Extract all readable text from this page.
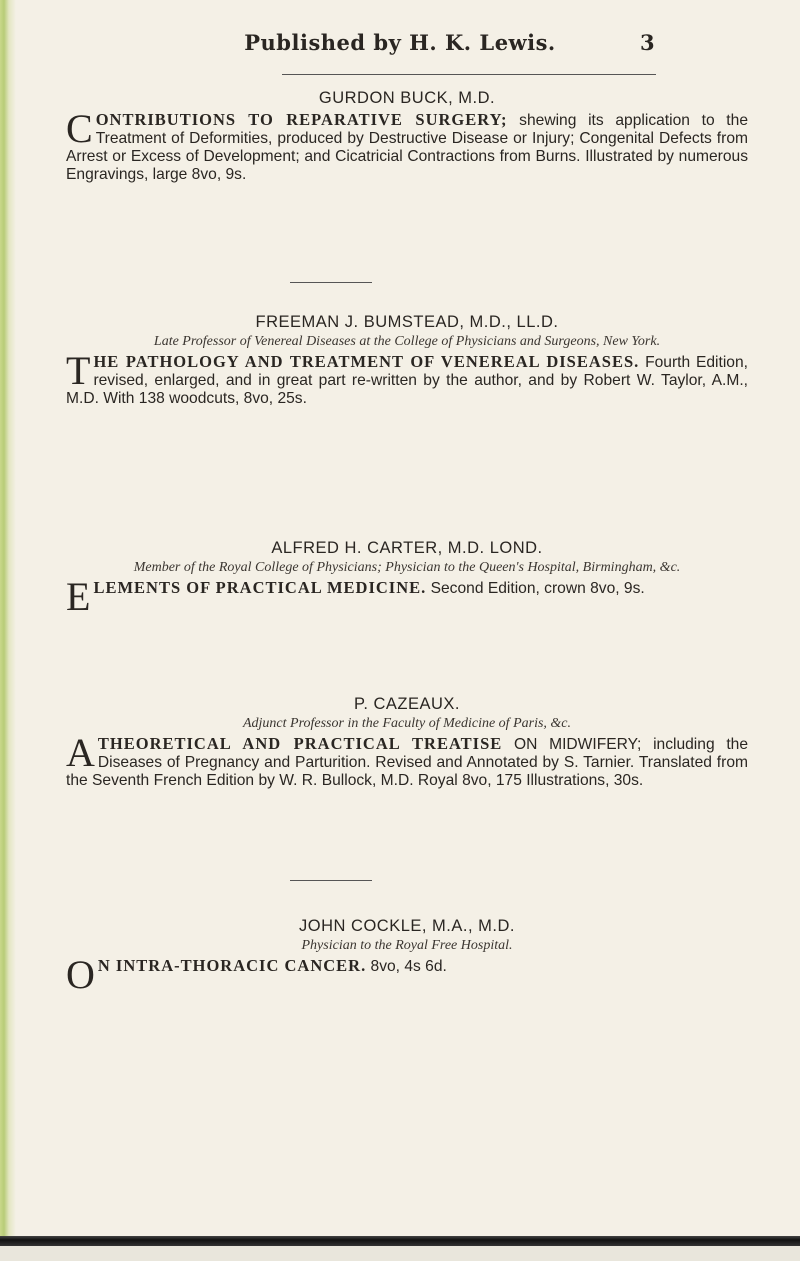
Published by H. K. Lewis.	3
GURDON BUCK, M.D.
CONTRIBUTIONS TO REPARATIVE SURGERY; shewing its application to the Treatment of Deformities, produced by Destructive Disease or Injury; Congenital Defects from Arrest or Excess of Development; and Cicatricial Contractions from Burns. Illustrated by numerous Engravings, large 8vo, 9s.
FREEMAN J. BUMSTEAD, M.D., LL.D.
Late Professor of Venereal Diseases at the College of Physicians and Surgeons, New York.
THE PATHOLOGY AND TREATMENT OF VENEREAL DISEASES. Fourth Edition, revised, enlarged, and in great part re-written by the author, and by Robert W. Taylor, A.M., M.D. With 138 woodcuts, 8vo, 25s.
ALFRED H. CARTER, M.D. LOND.
Member of the Royal College of Physicians; Physician to the Queen's Hospital, Birmingham, &c.
ELEMENTS OF PRACTICAL MEDICINE. Second Edition, crown 8vo, 9s.
P. CAZEAUX.
Adjunct Professor in the Faculty of Medicine of Paris, &c.
A THEORETICAL AND PRACTICAL TREATISE ON MIDWIFERY; including the Diseases of Pregnancy and Parturition. Revised and Annotated by S. Tarnier. Translated from the Seventh French Edition by W. R. Bullock, M.D. Royal 8vo, 175 Illustrations, 30s.
JOHN COCKLE, M.A., M.D.
Physician to the Royal Free Hospital.
O N INTRA-THORACIC CANCER. 8vo, 4s 6d.
